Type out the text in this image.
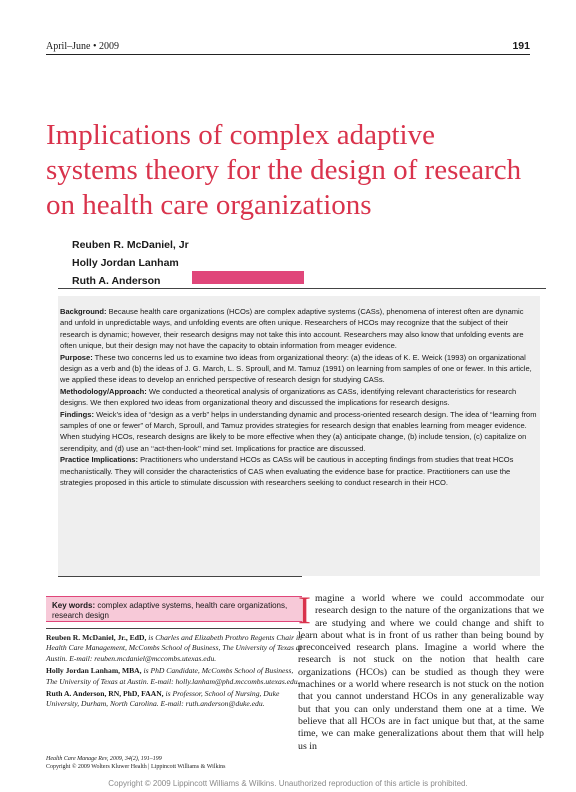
April–June • 2009	191
Implications of complex adaptive systems theory for the design of research on health care organizations
Reuben R. McDaniel, Jr
Holly Jordan Lanham
Ruth A. Anderson

Background: Because health care organizations (HCOs) are complex adaptive systems (CASs), phenomena of interest often are dynamic and unfold in unpredictable ways, and unfolding events are often unique. Researchers of HCOs may recognize that the subject of their research is dynamic; however, their research designs may not take this into account. Researchers may also know that unfolding events are often unique, but their design may not have the capacity to obtain information from meager evidence.

Purpose: These two concerns led us to examine two ideas from organizational theory: (a) the ideas of K. E. Weick (1993) on organizational design as a verb and (b) the ideas of J. G. March, L. S. Sproull, and M. Tamuz (1991) on learning from samples of one or fewer. In this article, we applied these ideas to develop an enriched perspective of research design for studying CASs.

Methodology/Approach: We conducted a theoretical analysis of organizations as CASs, identifying relevant characteristics for research designs. We then explored two ideas from organizational theory and discussed the implications for research designs.

Findings: Weick’s idea of “design as a verb” helps in understanding dynamic and process-oriented research design. The idea of “learning from samples of one or fewer” of March, Sproull, and Tamuz provides strategies for research design that enables learning from meager evidence. When studying HCOs, research designs are likely to be more effective when they (a) anticipate change, (b) include tension, (c) capitalize on serendipity, and (d) use an ‘‘act-then-look’’ mind set. Implications for practice are discussed.

Practice Implications: Practitioners who understand HCOs as CASs will be cautious in accepting findings from studies that treat HCOs mechanistically. They will consider the characteristics of CAS when evaluating the evidence base for practice. Practitioners can use the strategies proposed in this article to stimulate discussion with researchers seeking to conduct research in their HCO.

Key words: complex adaptive systems, health care organizations, research design

Reuben R. McDaniel, Jr., EdD, is Charles and Elizabeth Prothro Regents Chair in Health Care Management, McCombs School of Business, The University of Texas at Austin. E-mail: reuben.mcdaniel@mccombs.utexas.edu.

Holly Jordan Lanham, MBA, is PhD Candidate, McCombs School of Business, The University of Texas at Austin. E-mail: holly.lanham@phd.mccombs.utexas.edu.

Ruth A. Anderson, RN, PhD, FAAN, is Professor, School of Nursing, Duke University, Durham, North Carolina. E-mail: ruth.anderson@duke.edu.

Health Care Manage Rev, 2009, 34(2), 191–199
Copyright © 2009 Wolters Kluwer Health | Lippincott Williams & Wilkins

Imagine a world where we could accommodate our research design to the nature of the organizations that we are studying and where we could change and shift to learn about what is in front of us rather than being bound by preconceived research plans. Imagine a world where the research is not stuck on the notion that health care organizations (HCOs) can be studied as though they were machines or a world where research is not stuck on the notion that you cannot understand HCOs in any generalizable way but that you can only understand them one at a time. We believe that all HCOs are in fact unique but that, at the same time, we can make generalizations about them that will help us in

Copyright © 2009 Lippincott Williams & Wilkins. Unauthorized reproduction of this article is prohibited.
